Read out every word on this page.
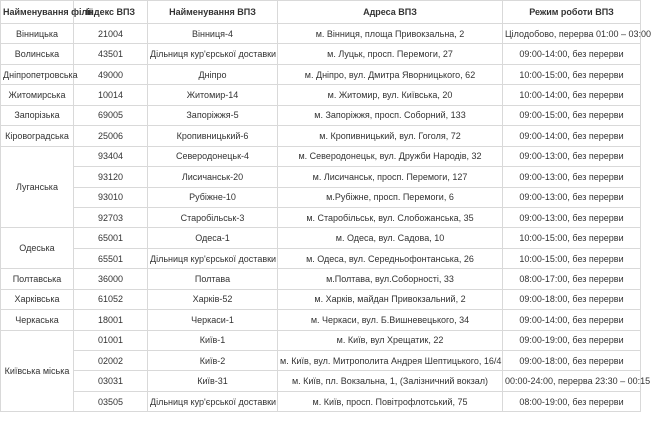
Найменування філії	Індекс ВПЗ	Найменування ВПЗ	Адреса ВПЗ	Режим роботи ВПЗ
Вінницька	21004	Вінниця-4	м. Вінниця, площа Привокзальна, 2	Цілодобово, перерва 01:00 – 03:00
Волинська	43501	Дільниця кур'єрської доставки	м. Луцьк, просп. Перемоги, 27	09:00-14:00, без перерви
Дніпропетровська	49000	Дніпро	м. Дніпро, вул. Дмитра Яворницького, 62	10:00-15:00, без перерви
Житомирська	10014	Житомир-14	м. Житомир, вул. Київська, 20	10:00-14:00, без перерви
Запорізька	69005	Запоріжжя-5	м. Запоріжжя, просп. Соборний, 133	09:00-15:00, без перерви
Кіровоградська	25006	Кропивницький-6	м. Кропивницький, вул. Гоголя, 72	09:00-14:00, без перерви
Луганська	93404	Северодонецьк-4	м. Северодонецьк, вул. Дружби Народів, 32	09:00-13:00, без перерви
	93120	Лисичанськ-20	м. Лисичанськ, просп. Перемоги, 127	09:00-13:00, без перерви
	93010	Рубіжне-10	м.Рубіжне, просп. Перемоги, 6	09:00-13:00, без перерви
	92703	Старобільськ-3	м. Старобільськ, вул. Слобожанська, 35	09:00-13:00, без перерви
Одеська	65001	Одеса-1	м. Одеса, вул. Садова, 10	10:00-15:00, без перерви
	65501	Дільниця кур'єрської доставки	м. Одеса, вул. Середньофонтанська, 26	10:00-15:00, без перерви
Полтавська	36000	Полтава	м.Полтава, вул.Соборності, 33	08:00-17:00, без перерви
Харківська	61052	Харків-52	м. Харків, майдан Привокзальний, 2	09:00-18:00, без перерви
Черкаська	18001	Черкаси-1	м. Черкаси, вул. Б.Вишневецького, 34	09:00-14:00, без перерви
Київська міська	01001	Київ-1	м. Київ, вул Хрещатик, 22	09:00-19:00, без перерви
	02002	Київ-2	м. Київ, вул. Митрополита Андрея Шептицького, 16/4	09:00-18:00, без перерви
	03031	Київ-31	м. Київ, пл. Вокзальна, 1, (Залізничний вокзал)	00:00-24:00, перерва 23:30 – 00:15
	03505	Дільниця кур'єрської доставки	м. Київ, просп. Повітрофлотський, 75	08:00-19:00, без перерви
